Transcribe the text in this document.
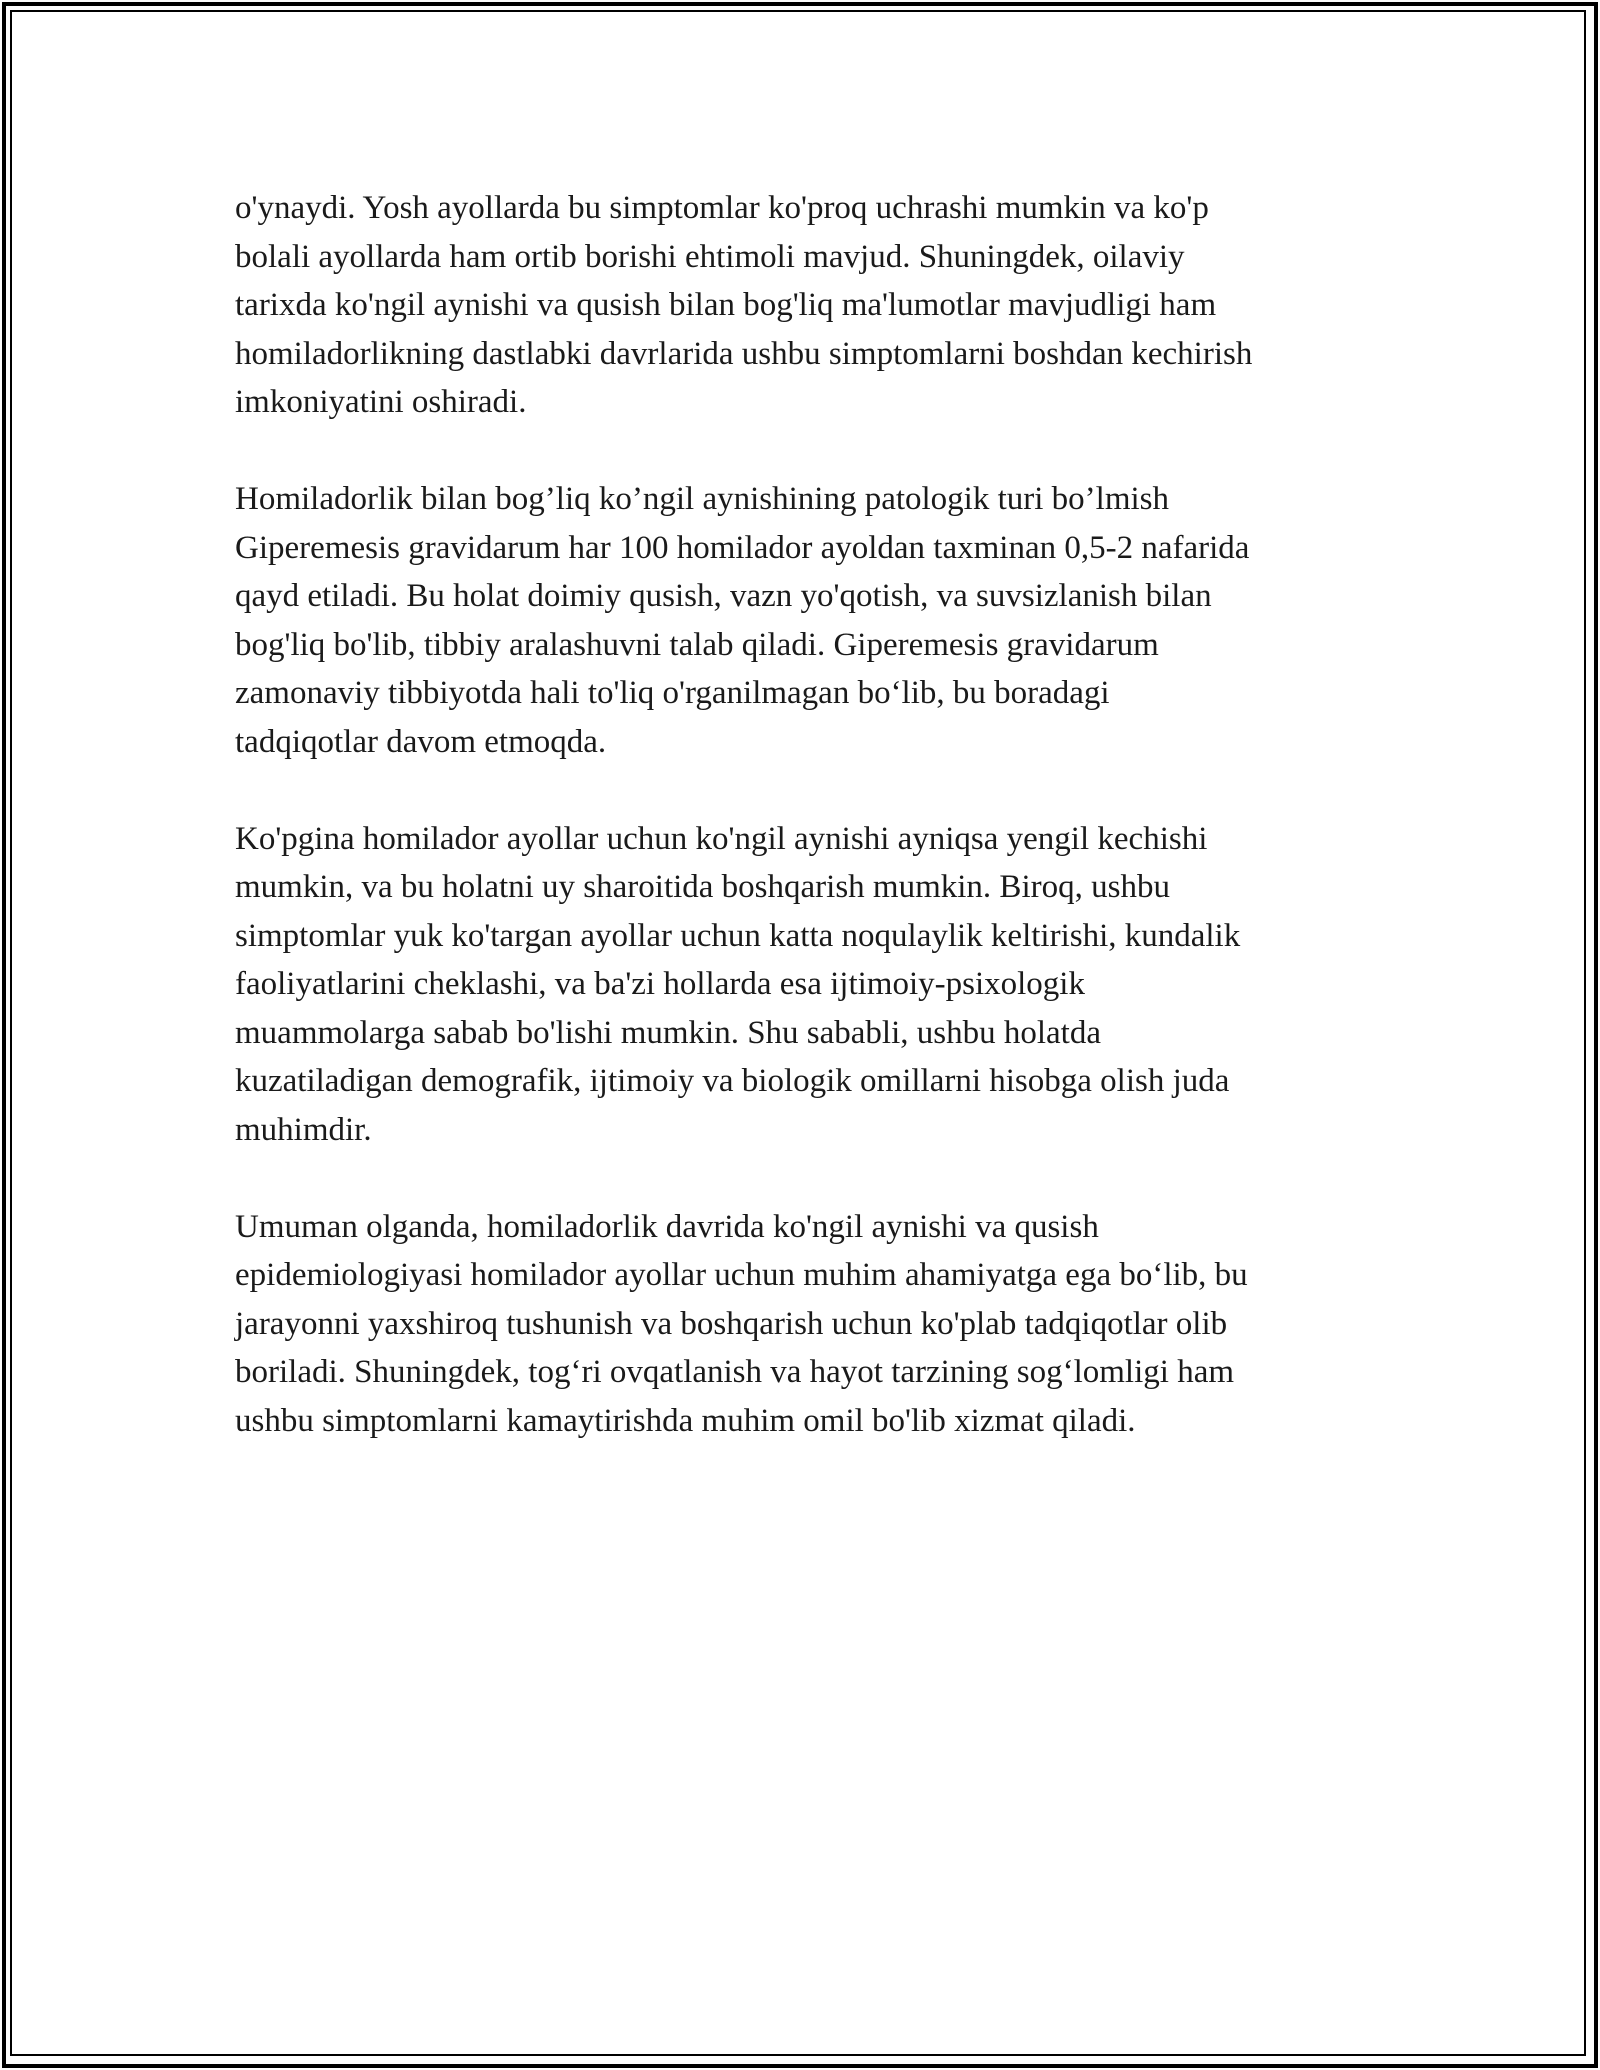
o'ynaydi. Yosh ayollarda bu simptomlar ko'proq uchrashi mumkin va ko'p
bolali ayollarda ham ortib borishi ehtimoli mavjud. Shuningdek, oilaviy
tarixda ko'ngil aynishi va qusish bilan bog'liq ma'lumotlar mavjudligi ham
homiladorlikning dastlabki davrlarida ushbu simptomlarni boshdan kechirish
imkoniyatini oshiradi.

Homiladorlik bilan bog’liq ko’ngil aynishining patologik turi bo’lmish
Giperemesis gravidarum har 100 homilador ayoldan taxminan 0,5-2 nafarida
qayd etiladi. Bu holat doimiy qusish, vazn yo'qotish, va suvsizlanish bilan
bog'liq bo'lib, tibbiy aralashuvni talab qiladi. Giperemesis gravidarum
zamonaviy tibbiyotda hali to'liq o'rganilmagan bo‘lib, bu boradagi
tadqiqotlar davom etmoqda.

Ko'pgina homilador ayollar uchun ko'ngil aynishi ayniqsa yengil kechishi
mumkin, va bu holatni uy sharoitida boshqarish mumkin. Biroq, ushbu
simptomlar yuk ko'targan ayollar uchun katta noqulaylik keltirishi, kundalik
faoliyatlarini cheklashi, va ba'zi hollarda esa ijtimoiy-psixologik
muammolarga sabab bo'lishi mumkin. Shu sababli, ushbu holatda
kuzatiladigan demografik, ijtimoiy va biologik omillarni hisobga olish juda
muhimdir.

Umuman olganda, homiladorlik davrida ko'ngil aynishi va qusish
epidemiologiyasi homilador ayollar uchun muhim ahamiyatga ega bo‘lib, bu
jarayonni yaxshiroq tushunish va boshqarish uchun ko'plab tadqiqotlar olib
boriladi. Shuningdek, tog‘ri ovqatlanish va hayot tarzining sog‘lomligi ham
ushbu simptomlarni kamaytirishda muhim omil bo'lib xizmat qiladi.
